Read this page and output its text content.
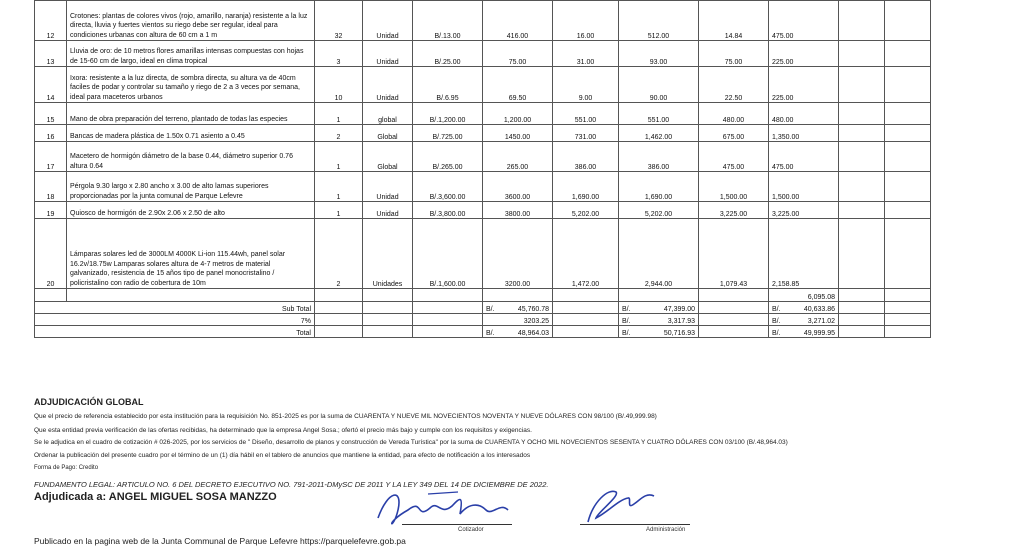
12	Crotones: plantas de colores vivos (rojo, amarillo, naranja) resistente a la luz directa, lluvia y fuertes vientos su riego debe ser regular, ideal para condiciones urbanas con altura de 60 cm a 1 m	32	Unidad	B/.13.00	416.00	16.00	512.00	14.84	475.00		
13	Lluvia de oro: de 10 metros flores amarillas intensas compuestas con hojas de 15-60 cm de largo, ideal en clima tropical	3	Unidad	B/.25.00	75.00	31.00	93.00	75.00	225.00		
14	Ixora: resistente a la luz directa, de sombra directa, su altura va de 40cm faciles de podar y controlar su tamaño y riego de 2 a 3 veces por semana, ideal para maceteros urbanos	10	Unidad	B/.6.95	69.50	9.00	90.00	22.50	225.00		
15	Mano de obra preparación del terreno, plantado de todas las especies	1	global	B/.1,200.00	1,200.00	551.00	551.00	480.00	480.00		
16	Bancas de madera plástica de 1.50x 0.71 asiento a 0.45	2	Global	B/.725.00	1450.00	731.00	1,462.00	675.00	1,350.00		
17	Macetero de hormigón diámetro de la base 0.44, diámetro superior 0.76 altura 0.64	1	Global	B/.265.00	265.00	386.00	386.00	475.00	475.00		
18	Pérgola 9.30 largo x 2.80 ancho x 3.00 de alto lamas superiores proporcionadas por la junta comunal de Parque Lefevre	1	Unidad	B/.3,600.00	3600.00	1,690.00	1,690.00	1,500.00	1,500.00		
19	Quiosco de hormigón de 2.90x 2.06 x 2.50 de alto	1	Unidad	B/.3,800.00	3800.00	5,202.00	5,202.00	3,225.00	3,225.00		
20	Lámparas solares led de 3000LM 4000K Li-ion 115.44wh, panel solar 16.2v/18.75w Lamparas solares altura de 4-7 metros de material galvanizado, resistencia de 15 años tipo de panel monocristalino / policristalino con radio de cobertura de 10m	2	Unidades	B/.1,600.00	3200.00	1,472.00	2,944.00	1,079.43	2,158.85		
									6,095.08		
Sub Total					B/. 45,760.78		B/. 47,399.00		B/. 40,633.86		

7%					3203.25		B/. 3,317.93		B/. 3,271.02		

Total					B/. 48,964.03		B/. 50,716.93		B/. 49,999.95		

ADJUDICACIÓN GLOBAL
Que el precio de referencia establecido por esta institución para la requisición No. 851-2025 es por la suma de CUARENTA Y NUEVE MIL NOVECIENTOS NOVENTA Y NUEVE DÓLARES CON 98/100 (B/.49,999.98)
Que esta entidad previa verificación de las ofertas recibidas, ha determinado que la empresa Angel Sosa.; ofertó el precio más bajo y cumple con los requisitos y exigencias.
Se le adjudica en el cuadro de cotización # 026-2025, por los servicios de " Diseño, desarrollo de planos y construcción de Vereda Turística" por la suma de CUARENTA Y OCHO MIL NOVECIENTOS SESENTA Y CUATRO DÓLARES CON 03/100 (B/.48,964.03)
Ordenar la publicación del presente cuadro por el término de un (1) día hábil en el tablero de anuncios que mantiene la entidad, para efecto de notificación a los interesados
Forma de Pago: Credito
FUNDAMENTO LEGAL: ARTICULO NO. 6 DEL DECRETO EJECUTIVO NO. 791-2011-DMySC DE 2011 Y LA LEY 349 DEL 14 DE DICIEMBRE DE 2022.
Adjudicada a: ANGEL MIGUEL SOSA MANZZO
Cotizador	Administración
Publicado en la pagina web de la Junta Communal de Parque Lefevre https://parquelefevre.gob.pa
